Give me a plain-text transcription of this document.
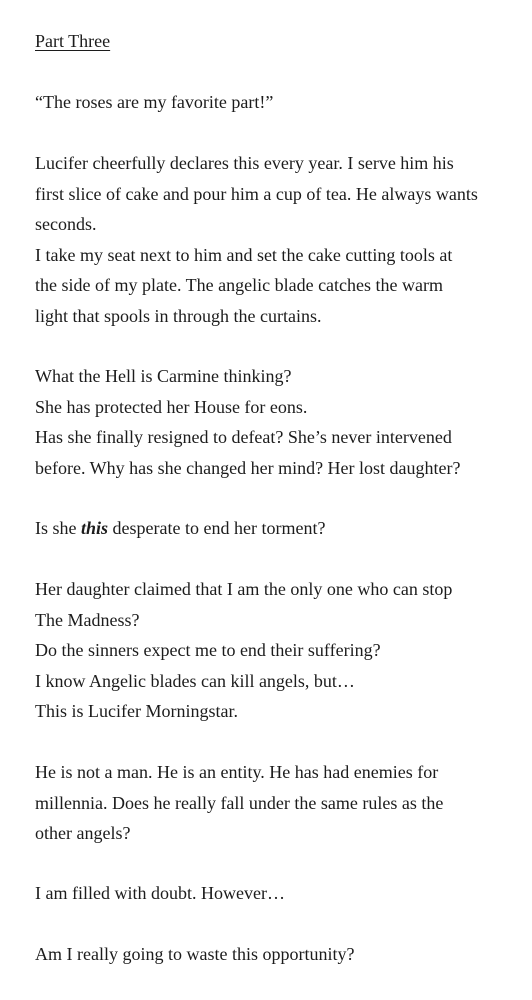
Part Three

“The roses are my favorite part!”

Lucifer cheerfully declares this every year. I serve him his
first slice of cake and pour him a cup of tea. He always wants
seconds.
I take my seat next to him and set the cake cutting tools at
the side of my plate. The angelic blade catches the warm
light that spools in through the curtains.

What the Hell is Carmine thinking?
She has protected her House for eons.
Has she finally resigned to defeat? She’s never intervened
before. Why has she changed her mind? Her lost daughter?

Is she this desperate to end her torment?

Her daughter claimed that I am the only one who can stop
The Madness?
Do the sinners expect me to end their suffering?
I know Angelic blades can kill angels, but…
This is Lucifer Morningstar.

He is not a man. He is an entity. He has had enemies for
millennia. Does he really fall under the same rules as the
other angels?

I am filled with doubt. However…

Am I really going to waste this opportunity?
